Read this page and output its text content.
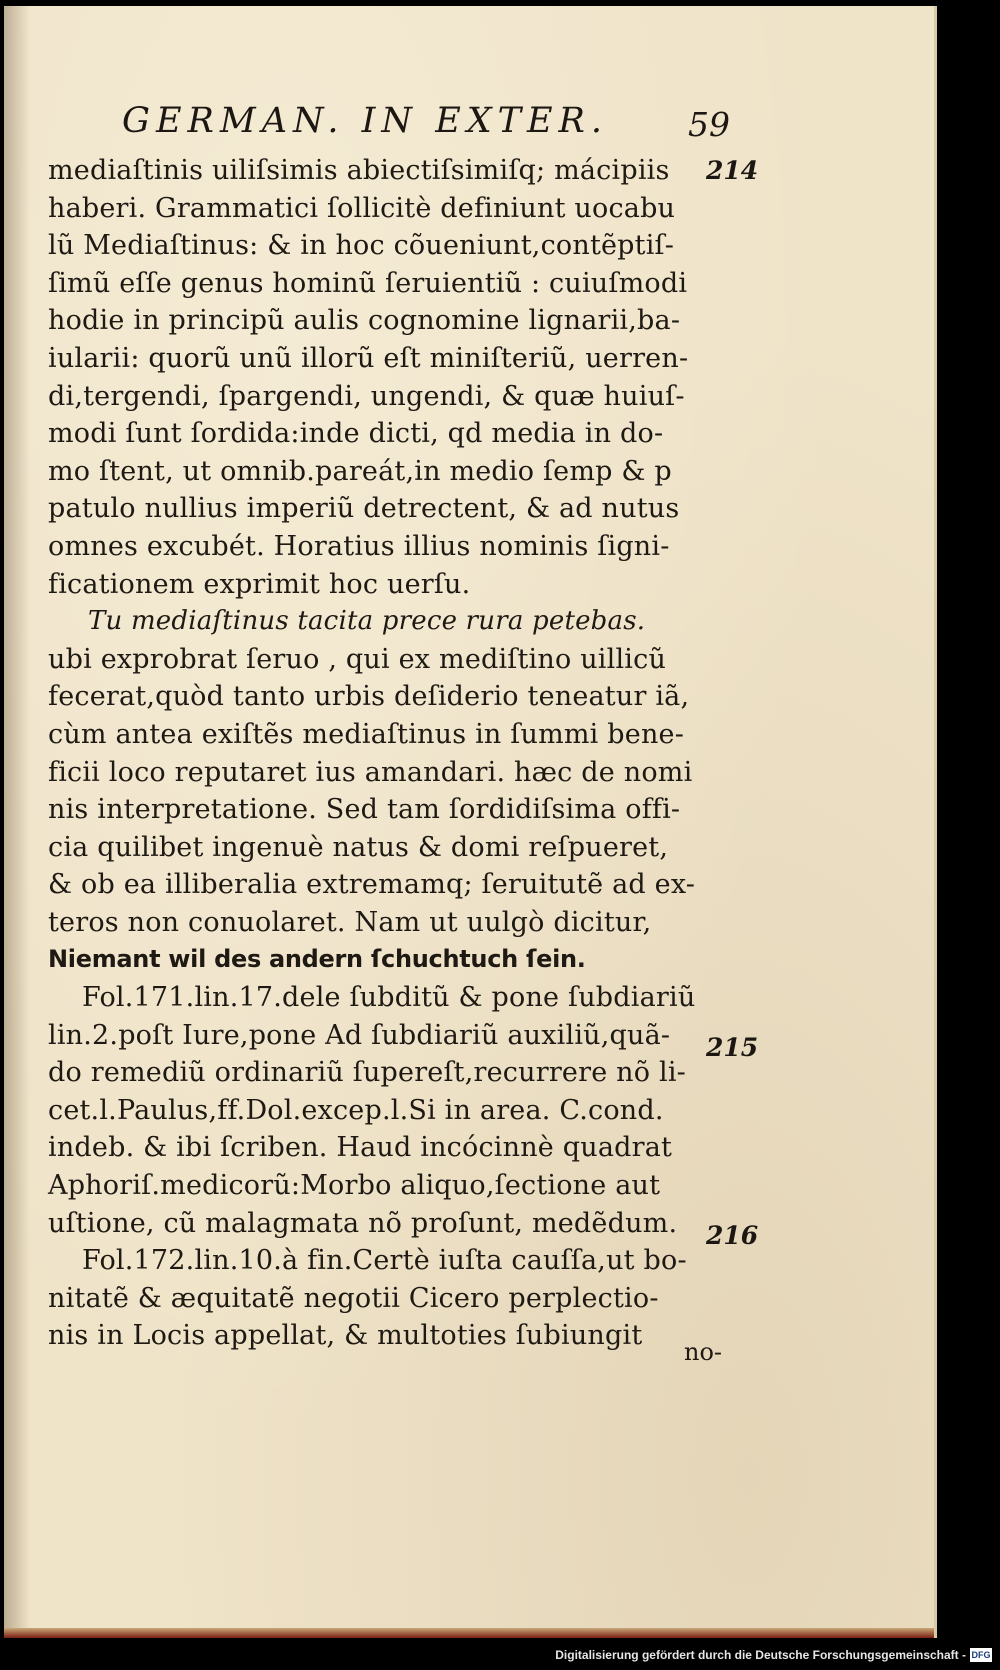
GERMAN. IN EXTER.	59
mediaſtinis uiliſsimis abiectiſsimiſq; mácipiis
haberi. Grammatici ſollicitè definiunt uocabu
lũ Mediaſtinus: & in hoc cõueniunt,contẽptiſ-
ſimũ eſſe genus hominũ ſeruientiũ : cuiuſmodi
hodie in principũ aulis cognomine lignarii,ba-
iularii: quorũ unũ illorũ eſt miniſteriũ, uerren-
di,tergendi, ſpargendi, ungendi, & quæ huiuſ-
modi ſunt ſordida:inde dicti, qd media in do-
mo ſtent, ut omnib.pareát,in medio ſemp & p
patulo nullius imperiũ detrectent, & ad nutus
omnes excubét. Horatius illius nominis ſigni-
ficationem exprimit hoc uerſu.
Tu mediaſtinus tacita prece rura petebas.
ubi exprobrat ſeruo , qui ex mediſtino uillicũ
fecerat,quòd tanto urbis deſiderio teneatur iã,
cùm antea exiſtẽs mediaſtinus in ſummi bene-
ficii loco reputaret ius amandari. hæc de nomi
nis interpretatione. Sed tam ſordidiſsima offi-
cia quilibet ingenuè natus & domi reſpueret,
& ob ea illiberalia extremamq; ſeruitutẽ ad ex-
teros non conuolaret. Nam ut uulgò dicitur,
Niemant wil des andern ſchuchtuch ſein.
Fol.171.lin.17.dele ſubditũ & pone ſubdiariũ
lin.2.poſt Iure,pone Ad ſubdiariũ auxiliũ,quã-
do remediũ ordinariũ ſupereſt,recurrere nõ li-
cet.l.Paulus,ff.Dol.excep.l.Si in area. C.cond.
indeb. & ibi ſcriben. Haud incócinnè quadrat
Aphoriſ.medicorũ:Morbo aliquo,ſectione aut
uſtione, cũ malagmata nõ proſunt, medẽdum.
Fol.172.lin.10.à fin.Certè iuſta cauſſa,ut bo-
nitatẽ & æquitatẽ negotii Cicero perplectio-
nis in Locis appellat, & multoties ſubiungit
214
215
216
no-
Digitalisierung gefördert durch die Deutsche Forschungsgemeinschaft - DFG
